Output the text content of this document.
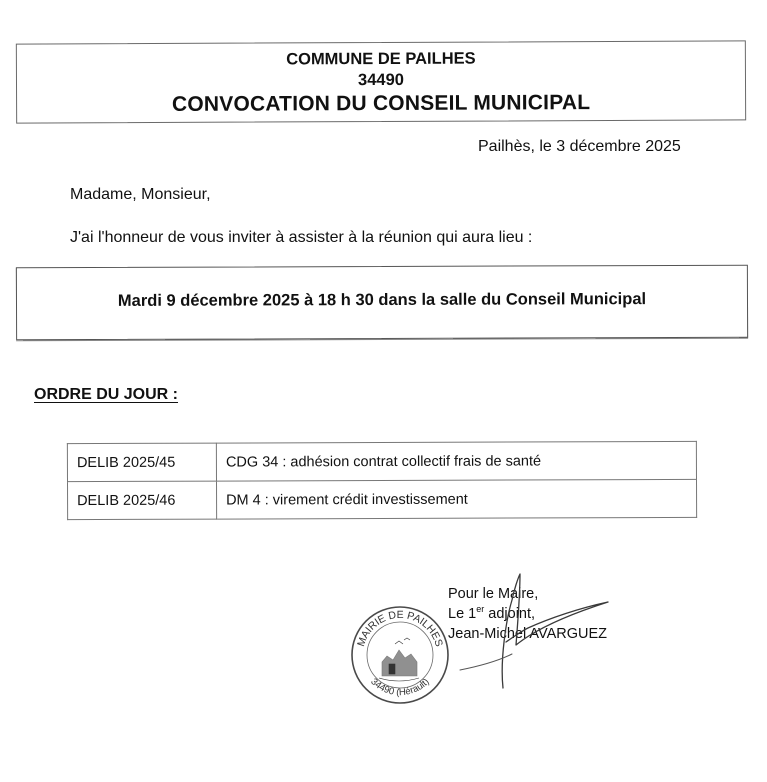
COMMUNE DE PAILHES
34490
CONVOCATION DU CONSEIL MUNICIPAL
Pailhès, le 3 décembre 2025
Madame, Monsieur,
J'ai l'honneur de vous inviter à assister à la réunion qui aura lieu :
Mardi 9 décembre 2025 à 18 h 30 dans la salle du Conseil Municipal
ORDRE DU JOUR :
DELIB 2025/45	CDG 34 : adhésion contrat collectif frais de santé
DELIB 2025/46	DM 4 : virement crédit investissement
MAIRIE DE PAILHES
34490 (Hérault)
Pour le Maire,
Le 1er adjoint,
Jean-Michel AVARGUEZ
